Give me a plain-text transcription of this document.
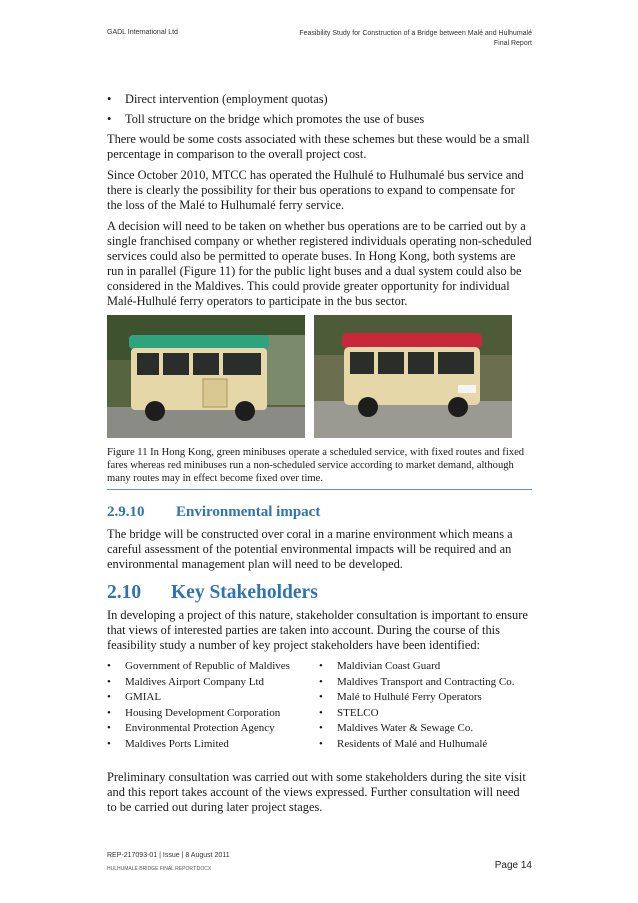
GADL International Ltd	Feasibility Study for Construction of a Bridge between Malé and Hulhumalé
Final Report
• Direct intervention (employment quotas)
• Toll structure on the bridge which promotes the use of buses

There would be some costs associated with these schemes but these would be a small percentage in comparison to the overall project cost.

Since October 2010, MTCC has operated the Hulhulé to Hulhumalé bus service and there is clearly the possibility for their bus operations to expand to compensate for the loss of the Malé to Hulhumalé ferry service.

A decision will need to be taken on whether bus operations are to be carried out by a single franchised company or whether registered individuals operating non-scheduled services could also be permitted to operate buses. In Hong Kong, both systems are run in parallel (Figure 11) for the public light buses and a dual system could also be considered in the Maldives. This could provide greater opportunity for individual Malé-Hulhulé ferry operators to participate in the bus sector.

Figure 11 In Hong Kong, green minibuses operate a scheduled service, with fixed routes and fixed fares whereas red minibuses run a non-scheduled service according to market demand, although many routes may in effect become fixed over time.

2.9.10 Environmental impact

The bridge will be constructed over coral in a marine environment which means a careful assessment of the potential environmental impacts will be required and an environmental management plan will need to be developed.

2.10 Key Stakeholders

In developing a project of this nature, stakeholder consultation is important to ensure that views of interested parties are taken into account. During the course of this feasibility study a number of key project stakeholders have been identified:

• Government of Republic of Maldives
• Maldives Airport Company Ltd
• GMIAL
• Housing Development Corporation
• Environmental Protection Agency
• Maldives Ports Limited
• Maldivian Coast Guard
• Maldives Transport and Contracting Co.
• Malé to Hulhulé Ferry Operators
• STELCO
• Maldives Water & Sewage Co.
• Residents of Malé and Hulhumalé

Preliminary consultation was carried out with some stakeholders during the site visit and this report takes account of the views expressed. Further consultation will need to be carried out during later project stages.

REP-217093-01 | Issue | 8 August 2011
HULHUMALE BRIDGE FINAL REPORT.DOCX	Page 14
